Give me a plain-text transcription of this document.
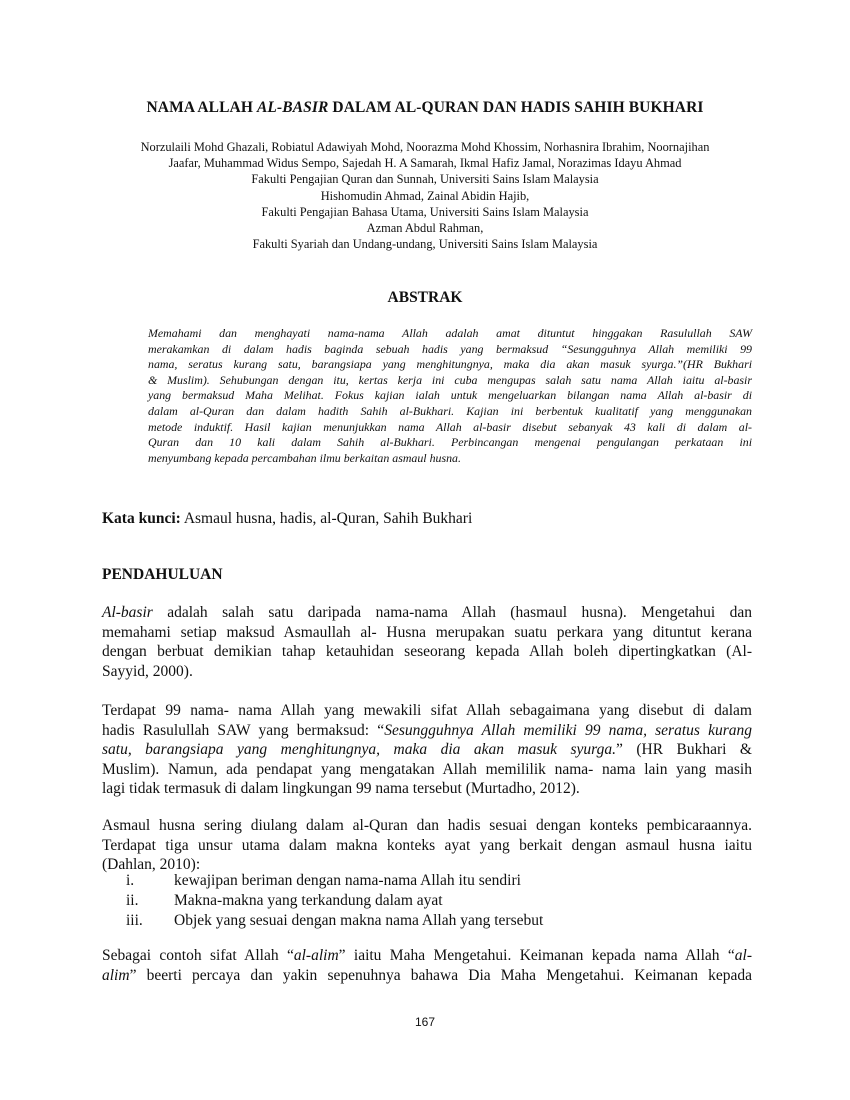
NAMA ALLAH AL-BASIR DALAM AL-QURAN DAN HADIS SAHIH BUKHARI
Norzulaili Mohd Ghazali, Robiatul Adawiyah Mohd, Noorazma Mohd Khossim, Norhasnira Ibrahim, Noornajihan
Jaafar, Muhammad Widus Sempo, Sajedah H. A Samarah, Ikmal Hafiz Jamal, Norazimas Idayu Ahmad
Fakulti Pengajian Quran dan Sunnah, Universiti Sains Islam Malaysia
Hishomudin Ahmad, Zainal Abidin Hajib,
Fakulti Pengajian Bahasa Utama, Universiti Sains Islam Malaysia
Azman Abdul Rahman,
Fakulti Syariah dan Undang-undang, Universiti Sains Islam Malaysia
ABSTRAK
Memahami dan menghayati nama-nama Allah adalah amat dituntut hinggakan Rasulullah SAW
merakamkan di dalam hadis baginda sebuah hadis yang bermaksud “Sesungguhnya Allah memiliki 99
nama, seratus kurang satu, barangsiapa yang menghitungnya, maka dia akan masuk syurga.”(HR Bukhari
& Muslim). Sehubungan dengan itu, kertas kerja ini cuba mengupas salah satu nama Allah iaitu al-basir
yang bermaksud Maha Melihat. Fokus kajian ialah untuk mengeluarkan bilangan nama Allah al-basir di
dalam al-Quran dan dalam hadith Sahih al-Bukhari. Kajian ini berbentuk kualitatif yang menggunakan
metode induktif. Hasil kajian menunjukkan nama Allah al-basir disebut sebanyak 43 kali di dalam al-
Quran dan 10 kali dalam Sahih al-Bukhari. Perbincangan mengenai pengulangan perkataan ini
menyumbang kepada percambahan ilmu berkaitan asmaul husna.
Kata kunci: Asmaul husna, hadis, al-Quran, Sahih Bukhari
PENDAHULUAN
Al-basir adalah salah satu daripada nama-nama Allah (hasmaul husna). Mengetahui dan
memahami setiap maksud Asmaullah al- Husna merupakan suatu perkara yang dituntut kerana
dengan berbuat demikian tahap ketauhidan seseorang kepada Allah boleh dipertingkatkan (Al-
Sayyid, 2000).
Terdapat 99 nama- nama Allah yang mewakili sifat Allah sebagaimana yang disebut di dalam
hadis Rasulullah SAW yang bermaksud: “Sesungguhnya Allah memiliki 99 nama, seratus kurang
satu, barangsiapa yang menghitungnya, maka dia akan masuk syurga.” (HR Bukhari &
Muslim). Namun, ada pendapat yang mengatakan Allah memililik nama- nama lain yang masih
lagi tidak termasuk di dalam lingkungan 99 nama tersebut (Murtadho, 2012).
Asmaul husna sering diulang dalam al-Quran dan hadis sesuai dengan konteks pembicaraannya.
Terdapat tiga unsur utama dalam makna konteks ayat yang berkait dengan asmaul husna iaitu
(Dahlan, 2010):
i.	kewajipan beriman dengan nama-nama Allah itu sendiri
ii. Makna-makna yang terkandung dalam ayat
iii. Objek yang sesuai dengan makna nama Allah yang tersebut
Sebagai contoh sifat Allah “al-alim” iaitu Maha Mengetahui. Keimanan kepada nama Allah “al-
alim” beerti percaya dan yakin sepenuhnya bahawa Dia Maha Mengetahui. Keimanan kepada
167
